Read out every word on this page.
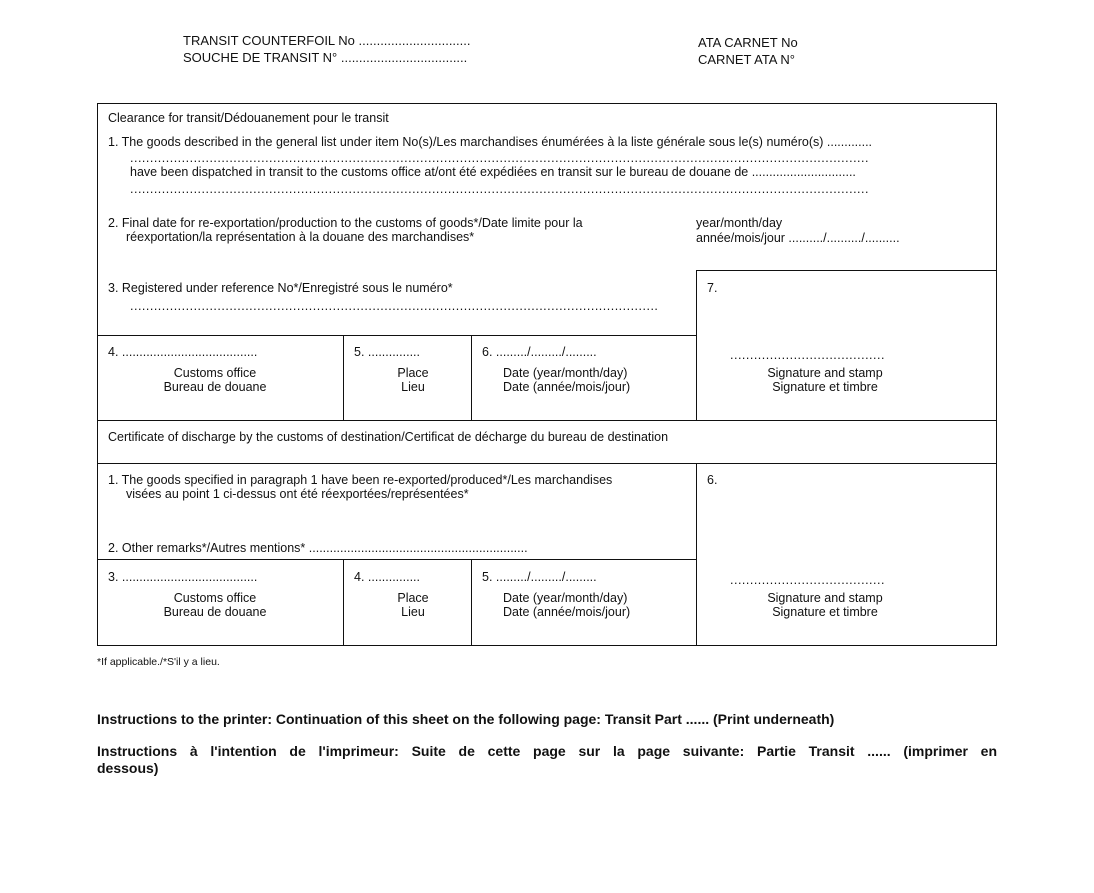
TRANSIT COUNTERFOIL No ...............................
SOUCHE DE TRANSIT N° ...................................
ATA CARNET No
CARNET ATA N°
Clearance for transit/Dédouanement pour le transit
1. The goods described in the general list under item No(s)/Les marchandises énumérées à la liste générale sous le(s) numéro(s) .............
..........................................................................................................................................................................................
have been dispatched in transit to the customs office at/ont été expédiées en transit sur le bureau de douane de ..............................
..........................................................................................................................................................................................
2. Final date for re-exportation/production to the customs of goods*/Date limite pour la
réexportation/la représentation à la douane des marchandises*
year/month/day
année/mois/jour ........../........../..........
3. Registered under reference No*/Enregistré sous le numéro*
.....................................................................................................................................
7.
4. .......................................
Customs office
Bureau de douane
5. ...............
Place
Lieu
6. ........./........./.........
Date (year/month/day)
Date (année/mois/jour)
.......................................
Signature and stamp
Signature et timbre
Certificate of discharge by the customs of destination/Certificat de décharge du bureau de destination
1. The goods specified in paragraph 1 have been re-exported/produced*/Les marchandises
visées au point 1 ci-dessus ont été réexportées/représentées*
6.
2. Other remarks*/Autres mentions* ...............................................................
3. .......................................
Customs office
Bureau de douane
4. ...............
Place
Lieu
5. ........./........./.........
Date (year/month/day)
Date (année/mois/jour)
.......................................
Signature and stamp
Signature et timbre
*If applicable./*S'il y a lieu.
Instructions to the printer: Continuation of this sheet on the following page: Transit Part ...... (Print underneath)
Instructions à l'intention de l'imprimeur: Suite de cette page sur la page suivante: Partie Transit ...... (imprimer en
dessous)
